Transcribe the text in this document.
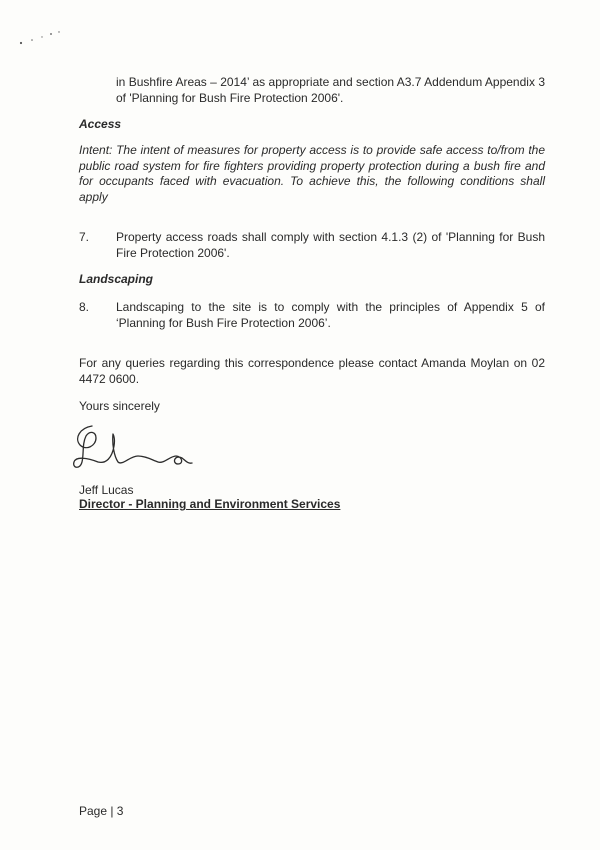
in Bushfire Areas – 2014’ as appropriate and section A3.7 Addendum Appendix 3 of 'Planning for Bush Fire Protection 2006'.

Access

Intent: The intent of measures for property access is to provide safe access to/from the public road system for fire fighters providing property protection during a bush fire and for occupants faced with evacuation. To achieve this, the following conditions shall apply

7. Property access roads shall comply with section 4.1.3 (2) of 'Planning for Bush Fire Protection 2006'.

Landscaping
8. Landscaping to the site is to comply with the principles of Appendix 5 of ‘Planning for Bush Fire Protection 2006’.

For any queries regarding this correspondence please contact Amanda Moylan on 02 4472 0600.

Yours sincerely

Jeff Lucas

Director - Planning and Environment Services

Page | 3
